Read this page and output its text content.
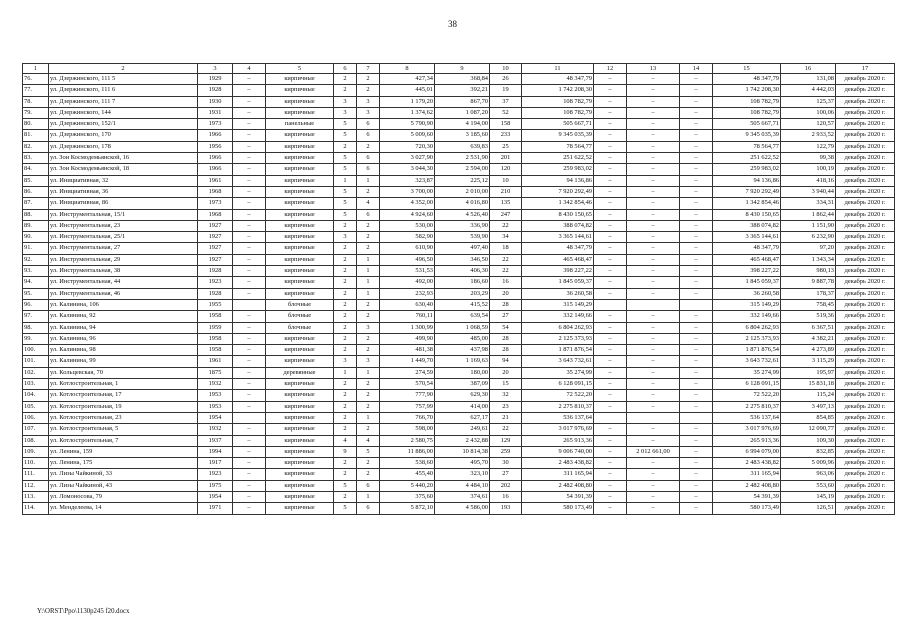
38
1	2	3	4	5	6	7	8	9	10	11	12	13	14	15	16	17
76.	ул. Дзержинского, 111 5	1929	–	кирпичные	2	2	427,34	368,84	26	48 347,79	–	–	–	48 347,79	131,08	декабрь 2020 г.
77.	ул. Дзержинского, 111 6	1928	–	кирпичные	2	2	445,01	392,21	19	1 742 208,30	–	–	–	1 742 208,30	4 442,03	декабрь 2020 г.
78.	ул. Дзержинского, 111 7	1930	–	кирпичные	3	3	1 179,20	867,70	37	108 782,79	–	–	–	108 782,79	125,37	декабрь 2020 г.
79.	ул. Дзержинского, 144	1931	–	кирпичные	3	3	1 374,62	1 087,20	52	108 782,79	–	–	–	108 782,79	100,06	декабрь 2020 г.
80.	ул. Дзержинского, 152/1	1973	–	панельные	5	6	5 790,90	4 194,00	158	505 667,71	–	–	–	505 667,71	120,57	декабрь 2020 г.
81.	ул. Дзержинского, 170	1966	–	кирпичные	5	6	5 009,60	3 185,60	233	9 345 035,39	–	–	–	9 345 035,39	2 933,52	декабрь 2020 г.
82.	ул. Дзержинского, 178	1956	–	кирпичные	2	2	720,30	639,83	25	78 564,77	–	–	–	78 564,77	122,79	декабрь 2020 г.
83.	ул. Зои Космодемьянской, 16	1966	–	кирпичные	5	6	3 027,90	2 531,90	201	251 622,52	–	–	–	251 622,52	99,38	декабрь 2020 г.
84.	ул. Зои Космодемьянской, 18	1966	–	кирпичные	5	6	3 044,30	2 594,00	120	259 983,02	–	–	–	259 983,02	100,19	декабрь 2020 г.
85.	ул. Инициативная, 32	1961	–	кирпичные	1	1	323,87	225,12	10	94 136,86	–	–	–	94 136,86	418,16	декабрь 2020 г.
86.	ул. Инициативная, 36	1968	–	кирпичные	5	2	3 700,00	2 010,00	210	7 920 292,49	–	–	–	7 920 292,49	3 940,44	декабрь 2020 г.
87.	ул. Инициативная, 86	1973	–	кирпичные	5	4	4 352,00	4 016,80	135	1 342 854,46	–	–	–	1 342 854,46	334,31	декабрь 2020 г.
88.	ул. Инструментальная, 15/1	1968	–	кирпичные	5	6	4 924,60	4 526,40	247	8 430 150,65	–	–	–	8 430 150,65	1 862,44	декабрь 2020 г.
89.	ул. Инструментальная, 23	1927	–	кирпичные	2	2	530,00	336,90	22	388 074,82	–	–	–	388 074,82	1 151,90	декабрь 2020 г.
90.	ул. Инструментальная, 25/1	1927	–	кирпичные	3	2	582,90	539,90	34	3 365 144,61	–	–	–	3 365 144,61	6 232,90	декабрь 2020 г.
91.	ул. Инструментальная, 27	1927	–	кирпичные	2	2	610,90	497,40	18	48 347,79	–	–	–	48 347,79	97,20	декабрь 2020 г.
92.	ул. Инструментальная, 29	1927	–	кирпичные	2	1	496,50	346,50	22	465 468,47	–	–	–	465 468,47	1 343,34	декабрь 2020 г.
93.	ул. Инструментальная, 38	1928	–	кирпичные	2	1	531,53	406,30	22	398 227,22	–	–	–	398 227,22	980,13	декабрь 2020 г.
94.	ул. Инструментальная, 44	1923	–	кирпичные	2	1	492,00	186,60	16	1 845 059,37	–	–	–	1 845 059,37	9 887,78	декабрь 2020 г.
95.	ул. Инструментальная, 46	1928	–	кирпичные	2	1	232,93	203,29	20	36 260,58	–	–	–	36 260,58	178,37	декабрь 2020 г.
96.	ул. Калинина, 106	1955		блочные	2	2	630,40	415,52	28	315 149,29				315 149,29	758,45	декабрь 2020 г.
97.	ул. Калинина, 92	1958	–	блочные	2	2	760,11	639,54	27	332 149,66	–	–	–	332 149,66	519,36	декабрь 2020 г.
98.	ул. Калинина, 94	1959	–	блочные	2	3	1 300,99	1 068,59	54	6 804 262,93	–	–	–	6 804 262,93	6 367,51	декабрь 2020 г.
99.	ул. Калинина, 96	1958	–	кирпичные	2	2	499,90	485,00	28	2 125 373,93	–	–	–	2 125 373,93	4 382,21	декабрь 2020 г.
100.	ул. Калинина, 98	1958	–	кирпичные	2	2	481,38	437,98	28	1 871 876,54	–	–	–	1 871 876,54	4 273,89	декабрь 2020 г.
101.	ул. Калинина, 99	1961	–	кирпичные	3	3	1 449,70	1 169,63	94	3 643 732,61	–	–	–	3 643 732,61	3 115,29	декабрь 2020 г.
102.	ул. Кольцевская, 70	1875	–	деревянные	1	1	274,59	180,00	20	35 274,99	–	–	–	35 274,99	195,97	декабрь 2020 г.
103.	ул. Котлостроительная, 1	1932	–	кирпичные	2	2	570,54	387,09	15	6 128 091,15	–	–	–	6 128 091,15	15 831,18	декабрь 2020 г.
104.	ул. Котлостроительная, 17	1953	–	кирпичные	2	2	777,90	629,30	32	72 522,20	–	–	–	72 522,20	115,24	декабрь 2020 г.
105.	ул. Котлостроительная, 19	1953	–	кирпичные	2	2	757,99	414,00	23	2 275 810,37	–	–	–	2 275 810,37	3 497,13	декабрь 2020 г.
106.	ул. Котлостроительная, 23	1954		кирпичные	2	1	766,70	627,17	21	536 137,64				536 137,64	854,85	декабрь 2020 г.
107.	ул. Котлостроительная, 5	1932	–	кирпичные	2	2	598,00	249,61	22	3 017 976,69	–	–	–	3 017 976,69	12 090,77	декабрь 2020 г.
108.	ул. Котлостроительная, 7	1937	–	кирпичные	4	4	2 580,75	2 432,88	129	265 913,36	–	–	–	265 913,36	109,30	декабрь 2020 г.
109.	ул. Ленина, 159	1994	–	кирпичные	9	5	11 886,00	10 814,38	259	9 006 740,00	–	2 012 661,00	–	6 994 079,00	832,85	декабрь 2020 г.
110.	ул. Ленина, 175	1917	–	кирпичные	2	2	538,60	495,70	30	2 483 438,82	–	–	–	2 483 438,82	5 009,96	декабрь 2020 г.
111.	ул. Лизы Чайкиной, 33	1923	–	кирпичные	2	2	455,40	323,10	27	311 165,94	–	–	–	311 165,94	963,06	декабрь 2020 г.
112.	ул. Лизы Чайкиной, 43	1975	–	кирпичные	5	6	5 440,20	4 484,10	202	2 482 408,80	–	–	–	2 482 408,80	553,60	декабрь 2020 г.
113.	ул. Ломоносова, 79	1954	–	кирпичные	2	1	375,60	374,61	16	54 391,39	–	–	–	54 391,39	145,19	декабрь 2020 г.
114.	ул. Менделеева, 14	1971	–	кирпичные	5	6	5 872,10	4 586,00	193	580 173,49	–	–	–	580 173,49	126,51	декабрь 2020 г.
Y:\ORST\Ppo\1130p245 f20.docx
